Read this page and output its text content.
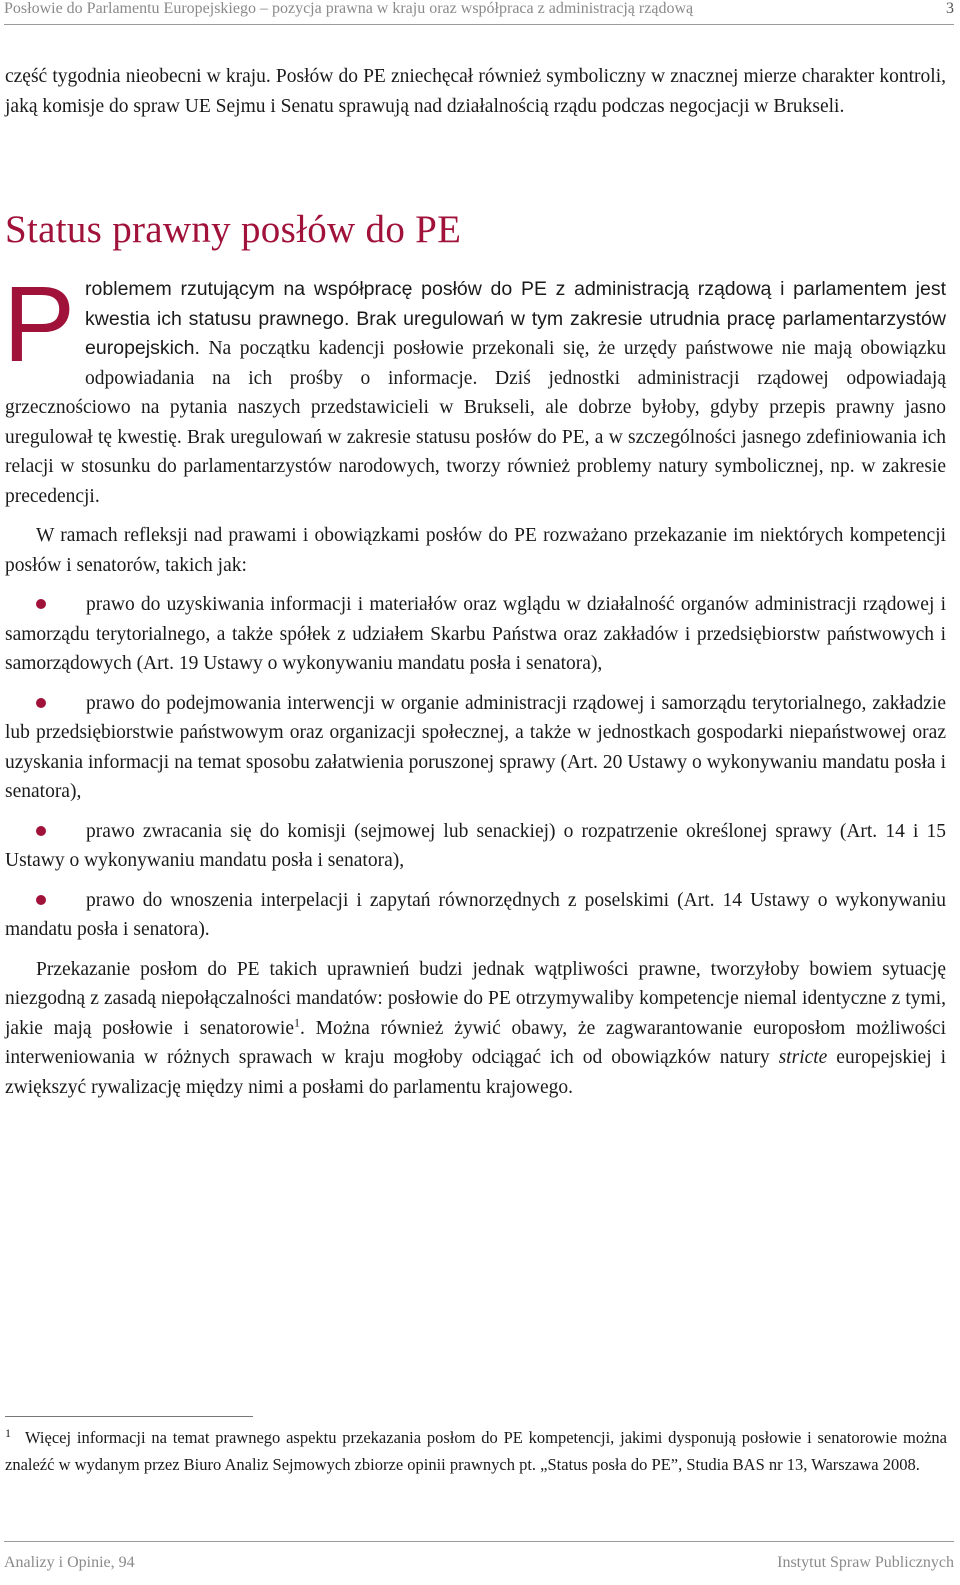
Posłowie do Parlamentu Europejskiego – pozycja prawna w kraju oraz współpraca z administracją rządową	3

część tygodnia nieobecni w kraju. Posłów do PE zniechęcał również symboliczny w znacznej mierze charakter kontroli, jaką komisje do spraw UE Sejmu i Senatu sprawują nad działalnością rządu podczas negocjacji w Brukseli.

Status prawny posłów do PE

Problemem rzutującym na współpracę posłów do PE z administracją rządową i parlamentem jest kwestia ich statusu prawnego. Brak uregulowań w tym zakresie utrudnia pracę parlamentarzystów europejskich. Na początku kadencji posłowie przekonali się, że urzędy państwowe nie mają obowiązku odpowiadania na ich prośby o informacje. Dziś jednostki administracji rządowej odpowiadają grzecznościowo na pytania naszych przedstawicieli w Brukseli, ale dobrze byłoby, gdyby przepis prawny jasno uregulował tę kwestię. Brak uregulowań w zakresie statusu posłów do PE, a w szczególności jasnego zdefiniowania ich relacji w stosunku do parlamentarzystów narodowych, tworzy również problemy natury symbolicznej, np. w zakresie precedencji.

W ramach refleksji nad prawami i obowiązkami posłów do PE rozważano przekazanie im niektórych kompetencji posłów i senatorów, takich jak:

prawo do uzyskiwania informacji i materiałów oraz wglądu w działalność organów administracji rządowej i samorządu terytorialnego, a także spółek z udziałem Skarbu Państwa oraz zakładów i przedsiębiorstw państwowych i samorządowych (Art. 19 Ustawy o wykonywaniu mandatu posła i senatora),

prawo do podejmowania interwencji w organie administracji rządowej i samorządu terytorialnego, zakładzie lub przedsiębiorstwie państwowym oraz organizacji społecznej, a także w jednostkach gospodarki niepaństwowej oraz uzyskania informacji na temat sposobu załatwienia poruszonej sprawy (Art. 20 Ustawy o wykonywaniu mandatu posła i senatora),

prawo zwracania się do komisji (sejmowej lub senackiej) o rozpatrzenie określonej sprawy (Art. 14 i 15 Ustawy o wykonywaniu mandatu posła i senatora),

prawo do wnoszenia interpelacji i zapytań równorzędnych z poselskimi (Art. 14 Ustawy o wykonywaniu mandatu posła i senatora).

Przekazanie posłom do PE takich uprawnień budzi jednak wątpliwości prawne, tworzyłoby bowiem sytuację niezgodną z zasadą niepołączalności mandatów: posłowie do PE otrzymywaliby kompetencje niemal identyczne z tymi, jakie mają posłowie i senatorowie$^1$. Można również żywić obawy, że zagwarantowanie europosłom możliwości interweniowania w różnych sprawach w kraju mogłoby odciągać ich od obowiązków natury stricte europejskiej i zwiększyć rywalizację między nimi a posłami do parlamentu krajowego.

$^1$ Więcej informacji na temat prawnego aspektu przekazania posłom do PE kompetencji, jakimi dysponują posłowie i senatorowie można znaleźć w wydanym przez Biuro Analiz Sejmowych zbiorze opinii prawnych pt. „Status posła do PE”, Studia BAS nr 13, Warszawa 2008.

Analizy i Opinie, 94	Instytut Spraw Publicznych
